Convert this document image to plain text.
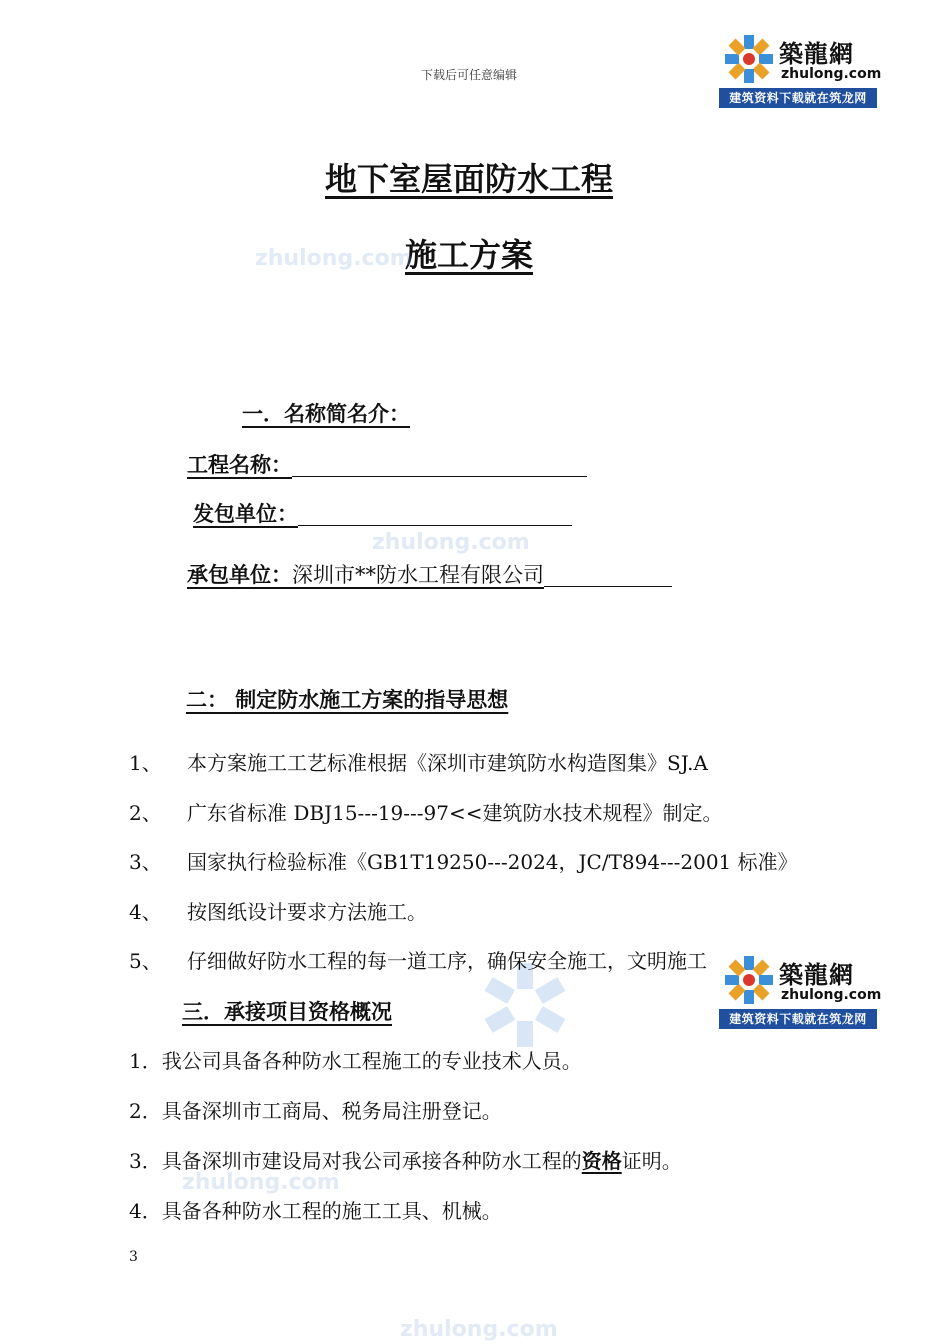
下载后可任意编辑
築龍網
zhulong.com
建筑资料下载就在筑龙网
地下室屋面防水工程
施工方案
zhulong.com
zhulong.com
zhulong.com
zhulong.com
一．名称简名介：
工程名称：
发包单位：
承包单位：深圳市**防水工程有限公司
二： 制定防水施工方案的指导思想
1、 本方案施工工艺标准根据《深圳市建筑防水构造图集》SJ.A
2、 广东省标准 DBJ15---19---97<<建筑防水技术规程》制定。
3、 国家执行检验标准《GB1T19250---2024，JC/T894---2001 标准》
4、 按图纸设计要求方法施工。
5、 仔细做好防水工程的每一道工序，确保安全施工，文明施工	築龍網
zhulong.com
建筑资料下载就在筑龙网
三．承接项目资格概况
1．我公司具备各种防水工程施工的专业技术人员。
2．具备深圳市工商局、税务局注册登记。
3．具备深圳市建设局对我公司承接各种防水工程的资格证明。
4．具备各种防水工程的施工工具、机械。
3
